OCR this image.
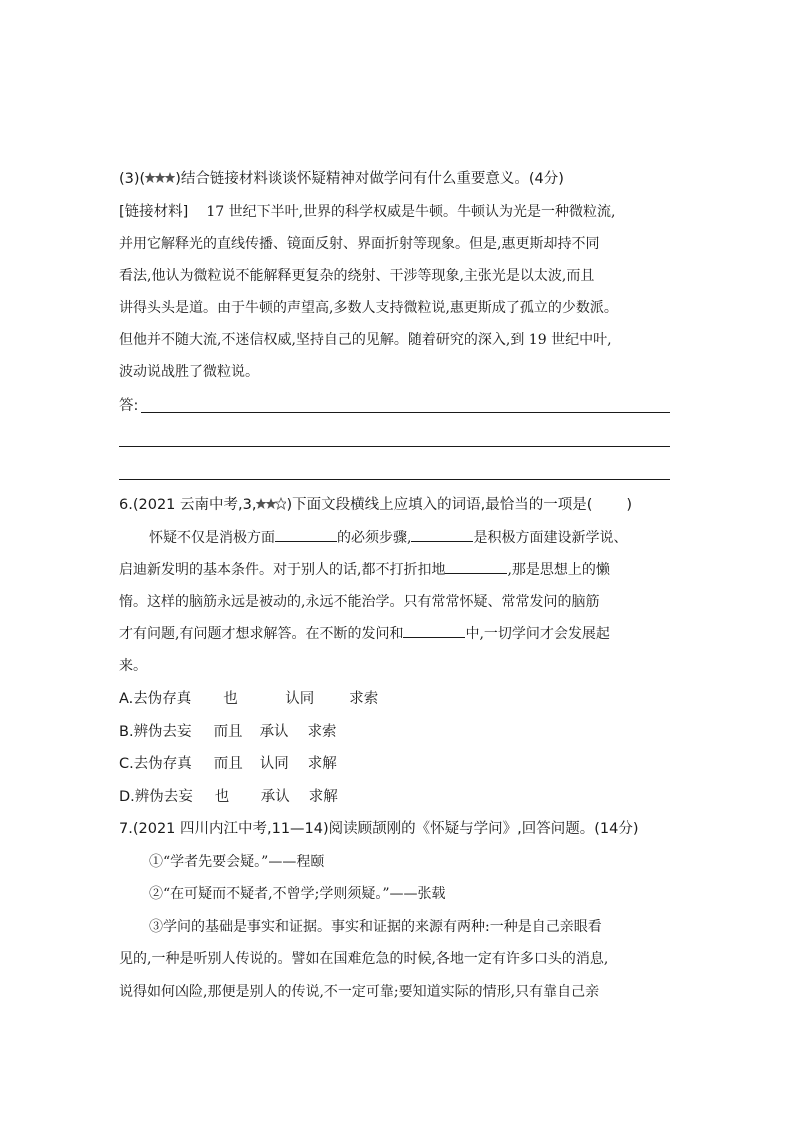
(3)( )结合链接材料谈谈怀疑精神对做学问有什么重要意义。(4分)
[链接材料] 17 世纪下半叶,世界的科学权威是牛顿。牛顿认为光是一种微粒流,
并用它解释光的直线传播、镜面反射、界面折射等现象。但是,惠更斯却持不同
看法,他认为微粒说不能解释更复杂的绕射、干涉等现象,主张光是以太波,而且
讲得头头是道。由于牛顿的声望高,多数人支持微粒说,惠更斯成了孤立的少数派。
但他并不随大流,不迷信权威,坚持自己的见解。随着研究的深入,到 19 世纪中叶,
波动说战胜了微粒说。
答:
6.(2021 云南中考,3, )下面文段横线上应填入的词语,最恰当的一项是( )
怀疑不仅是消极方面	的必须步骤,	是积极方面建设新学说、
启迪新发明的基本条件。对于别人的话,都不打折扣地	,那是思想上的懒
惰。这样的脑筋永远是被动的,永远不能治学。只有常常怀疑、常常发问的脑筋
才有问题,有问题才想求解答。在不断的发问和	中,一切学问才会发展起
来。
A.去伪存真 也	认同 求索
B.辨伪去妄 而且 承认 求索
C.去伪存真 而且 认同 求解
D.辨伪去妄 也 承认 求解
7.(2021 四川内江中考,11—14)阅读顾颉刚的《怀疑与学问》,回答问题。(14分)
①“学者先要会疑。”——程颐
②“在可疑而不疑者,不曾学;学则须疑。”——张载
③学问的基础是事实和证据。事实和证据的来源有两种:一种是自己亲眼看
见的,一种是听别人传说的。譬如在国难危急的时候,各地一定有许多口头的消息,
说得如何凶险,那便是别人的传说,不一定可靠;要知道实际的情形,只有靠自己亲
